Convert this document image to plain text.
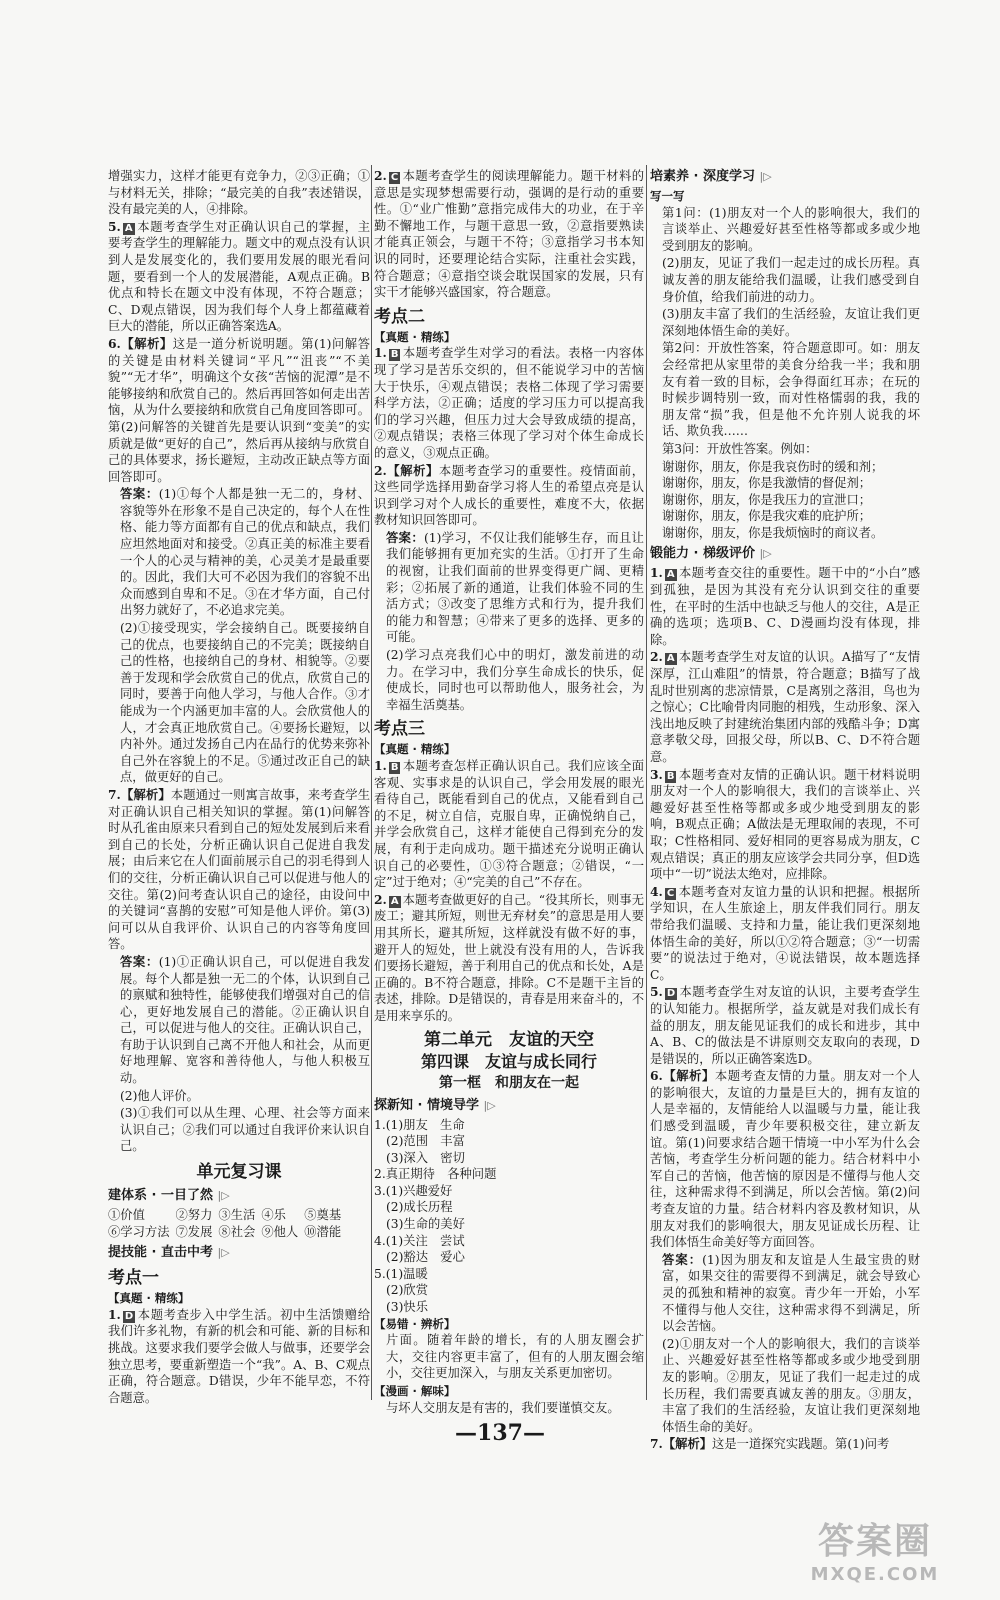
增强实力，这样才能更有竞争力，②③正确；①与材料无关，排除；“最完美的自我”表述错误，没有最完美的人，④排除。

5. A 本题考查学生对正确认识自己的掌握，主要考查学生的理解能力。题文中的观点没有认识到人是发展变化的，我们要用发展的眼光看问题，要看到一个人的发展潜能，A观点正确。B优点和特长在题文中没有体现，不符合题意；C、D观点错误，因为我们每个人身上都蕴藏着巨大的潜能，所以正确答案选A。

6.【解析】这是一道分析说明题。第(1)问解答的关键是由材料关键词“平凡”“沮丧”“不美貌”“无才华”，明确这个女孩“苦恼的泥潭”是不能够接纳和欣赏自己的。然后再回答如何走出苦恼，从为什么要接纳和欣赏自己角度回答即可。第(2)问解答的关键首先是要认识到“变美”的实质就是做“更好的自己”，然后再从接纳与欣赏自己的具体要求，扬长避短，主动改正缺点等方面回答即可。

答案：(1)①每个人都是独一无二的，身材、容貌等外在形象不是自己决定的，每个人在性格、能力等方面都有自己的优点和缺点，我们应坦然地面对和接受。②真正美的标准主要看一个人的心灵与精神的美，心灵美才是最重要的。因此，我们大可不必因为我们的容貌不出众而感到自卑和不足。③在才华方面，自己付出努力就好了，不必追求完美。

(2)①接受现实，学会接纳自己。既要接纳自己的优点，也要接纳自己的不完美；既接纳自己的性格，也接纳自己的身材、相貌等。②要善于发现和学会欣赏自己的优点，欣赏自己的同时，要善于向他人学习，与他人合作。③才能成为一个内涵更加丰富的人。会欣赏他人的人，才会真正地欣赏自己。④要扬长避短，以内补外。通过发扬自己内在品行的优势来弥补自己外在容貌上的不足。⑤通过改正自己的缺点，做更好的自己。

7.【解析】本题通过一则寓言故事，来考查学生对正确认识自己相关知识的掌握。第(1)问解答时从孔雀由原来只看到自己的短处发展到后来看到自己的长处，分析正确认识自己促进自我发展；由后来它在人们面前展示自己的羽毛得到人们的交往，分析正确认识自己可以促进与他人的交往。第(2)问考查认识自己的途径，由设问中的关键词“喜鹊的安慰”可知是他人评价。第(3)问可以从自我评价、认识自己的内容等角度回答。

答案：(1)①正确认识自己，可以促进自我发展。每个人都是独一无二的个体，认识到自己的禀赋和独特性，能够使我们增强对自己的信心，更好地发展自己的潜能。②正确认识自己，可以促进与他人的交往。正确认识自己，有助于认识到自己离不开他人和社会，从而更好地理解、宽容和善待他人，与他人积极互动。

(2)他人评价。

(3)①我们可以从生理、心理、社会等方面来认识自己；②我们可以通过自我评价来认识自己。

单元复习课
建体系 · 一目了然 |▷
①价值	②努力 ③生活 ④乐	⑤奠基
⑥学习方法 ⑦发展 ⑧社会 ⑨他人 ⑩潜能
提技能 · 直击中考 |▷
考点一
【真题 · 精练】

1. D 本题考查步入中学生活。初中生活馈赠给我们许多礼物，有新的机会和可能、新的目标和挑战。这要求我们要学会做人与做事，还要学会独立思考，要重新塑造一个“我”。A、B、C观点正确，符合题意。D错误，少年不能早恋，不符合题意。

2. C 本题考查学生的阅读理解能力。题干材料的意思是实现梦想需要行动，强调的是行动的重要性。①“业广惟勤”意指完成伟大的功业，在于辛勤不懈地工作，与题干意思一致，②意指要熟读才能真正领会，与题干不符；③意指学习书本知识的同时，还要理论结合实际，注重社会实践，符合题意；④意指空谈会耽误国家的发展，只有实干才能够兴盛国家，符合题意。

考点二
【真题 · 精练】

1. B 本题考查学生对学习的看法。表格一内容体现了学习是苦乐交织的，但不能说学习中的苦恼大于快乐，④观点错误；表格二体现了学习需要科学方法，②正确；适度的学习压力可以提高我们的学习兴趣，但压力过大会导致成绩的提高，②观点错误；表格三体现了学习对个体生命成长的意义，③观点正确。

2.【解析】本题考查学习的重要性。疫情面前，这些同学选择用勤奋学习将人生的希望点亮是认识到学习对个人成长的重要性，难度不大，依据教材知识回答即可。

答案：(1)学习，不仅让我们能够生存，而且让我们能够拥有更加充实的生活。①打开了生命的视窗，让我们面前的世界变得更广阔、更精彩；②拓展了新的通道，让我们体验不同的生活方式；③改变了思维方式和行为，提升我们的能力和智慧；④带来了更多的选择、更多的可能。

(2)学习点亮我们心中的明灯，激发前进的动力。在学习中，我们分享生命成长的快乐，促使成长，同时也可以帮助他人，服务社会，为幸福生活奠基。

考点三
【真题 · 精练】

1. B 本题考查怎样正确认识自己。我们应该全面客观、实事求是的认识自己，学会用发展的眼光看待自己，既能看到自己的优点，又能看到自己的不足，树立自信，克服自卑，正确悦纳自己，并学会欣赏自己，这样才能使自己得到充分的发展，有利于走向成功。题干描述充分说明正确认识自己的必要性，①③符合题意；②错误，“一定”过于绝对；④“完美的自己”不存在。

2. A 本题考查做更好的自己。“役其所长，则事无废工；避其所短，则世无弃材矣”的意思是用人要用其所长，避其所短，这样就没有做不好的事，避开人的短处，世上就没有没有用的人，告诉我们要扬长避短，善于利用自己的优点和长处，A是正确的。B不符合题意，排除。C不是题干主旨的表述，排除。D是错误的，青春是用来奋斗的，不是用来享乐的。

第二单元　友谊的天空
第四课　友谊与成长同行
第一框　和朋友在一起
探新知 · 情境导学 |▷
1.(1)朋友　生命
(2)范围　丰富
(3)深入　密切
2.真正期待　各种问题
3.(1)兴趣爱好
(2)成长历程
(3)生命的美好
4.(1)关注　尝试
(2)豁达　爱心
5.(1)温暖
(2)欣赏
(3)快乐
【易错 · 辨析】

片面。随着年龄的增长，有的人朋友圈会扩大，交往内容更丰富了，但有的人朋友圈会缩小，交往更加深入，与朋友关系更加密切。

【漫画 · 解味】

与坏人交朋友是有害的，我们要谨慎交友。

培素养 · 深度学习 |▷
写一写

第1问：(1)朋友对一个人的影响很大，我们的言谈举止、兴趣爱好甚至性格等都或多或少地受到朋友的影响。

(2)朋友，见证了我们一起走过的成长历程。真诚友善的朋友能给我们温暖，让我们感受到自身价值，给我们前进的动力。

(3)朋友丰富了我们的生活经验，友谊让我们更深刻地体悟生命的美好。

第2问：开放性答案，符合题意即可。如：朋友会经常把从家里带的美食分给我一半；我和朋友有着一致的目标，会争得面红耳赤；在玩的时候步调特别一致，而对性格懦弱的我，我的朋友常“损”我，但是他不允许别人说我的坏话、欺负我……

第3问：开放性答案。例如：

谢谢你，朋友，你是我哀伤时的缓和剂；
谢谢你，朋友，你是我激情的督促剂；
谢谢你，朋友，你是我压力的宣泄口；
谢谢你，朋友，你是我灾难的庇护所；
谢谢你，朋友，你是我烦恼时的商议者。
锻能力 · 梯级评价 |▷

1. A 本题考查交往的重要性。题干中的“小白”感到孤独，是因为其没有充分认识到交往的重要性，在平时的生活中也缺乏与他人的交往，A是正确的选项；选项B、C、D漫画均没有体现，排除。

2. A 本题考查学生对友谊的认识。A描写了“友情深厚，江山难阻”的情景，符合题意；B描写了战乱时世别离的悲凉情景，C是离别之落泪，鸟也为之惊心；C比喻骨肉同胞的相残，生动形象、深入浅出地反映了封建统治集团内部的残酷斗争；D寓意孝敬父母，回报父母，所以B、C、D不符合题意。

3. B 本题考查对友情的正确认识。题干材料说明朋友对一个人的影响很大，我们的言谈举止、兴趣爱好甚至性格等都或多或少地受到朋友的影响，B观点正确；A做法是无理取闹的表现，不可取；C性格相同、爱好相同的更容易成为朋友，C观点错误；真正的朋友应该学会共同分享，但D选项中“一切”说法太绝对，应排除。

4. C 本题考查对友谊力量的认识和把握。根据所学知识，在人生旅途上，朋友伴我们同行。朋友带给我们温暖、支持和力量，能让我们更深刻地体悟生命的美好，所以①②符合题意；③“一切需要”的说法过于绝对，④说法错误，故本题选择C。

5. D 本题考查学生对友谊的认识，主要考查学生的认知能力。根据所学，益友就是对我们成长有益的朋友，朋友能见证我们的成长和进步，其中A、B、C的做法是不讲原则交友取向的表现，D是错误的，所以正确答案选D。

6.【解析】本题考查友情的力量。朋友对一个人的影响很大，友谊的力量是巨大的，拥有友谊的人是幸福的，友情能给人以温暖与力量，能让我们感受到温暖，青少年要积极交往，建立新友谊。第(1)问要求结合题干情境一中小军为什么会苦恼，考查学生分析问题的能力。结合材料中小军自己的苦恼，他苦恼的原因是不懂得与他人交往，这种需求得不到满足，所以会苦恼。第(2)问考查友谊的力量。结合材料内容及教材知识，从朋友对我们的影响很大，朋友见证成长历程、让我们体悟生命美好等方面回答。

答案：(1)因为朋友和友谊是人生最宝贵的财富，如果交往的需要得不到满足，就会导致心灵的孤独和精神的寂寞。青少年一开始，小军不懂得与他人交往，这种需求得不到满足，所以会苦恼。

(2)①朋友对一个人的影响很大，我们的言谈举止、兴趣爱好甚至性格等都或多或少地受到朋友的影响。②朋友，见证了我们一起走过的成长历程，我们需要真诚友善的朋友。③朋友，丰富了我们的生活经验，友谊让我们更深刻地体悟生命的美好。

7.【解析】这是一道探究实践题。第(1)问考

—137—
答案圈
MXQE.COM
